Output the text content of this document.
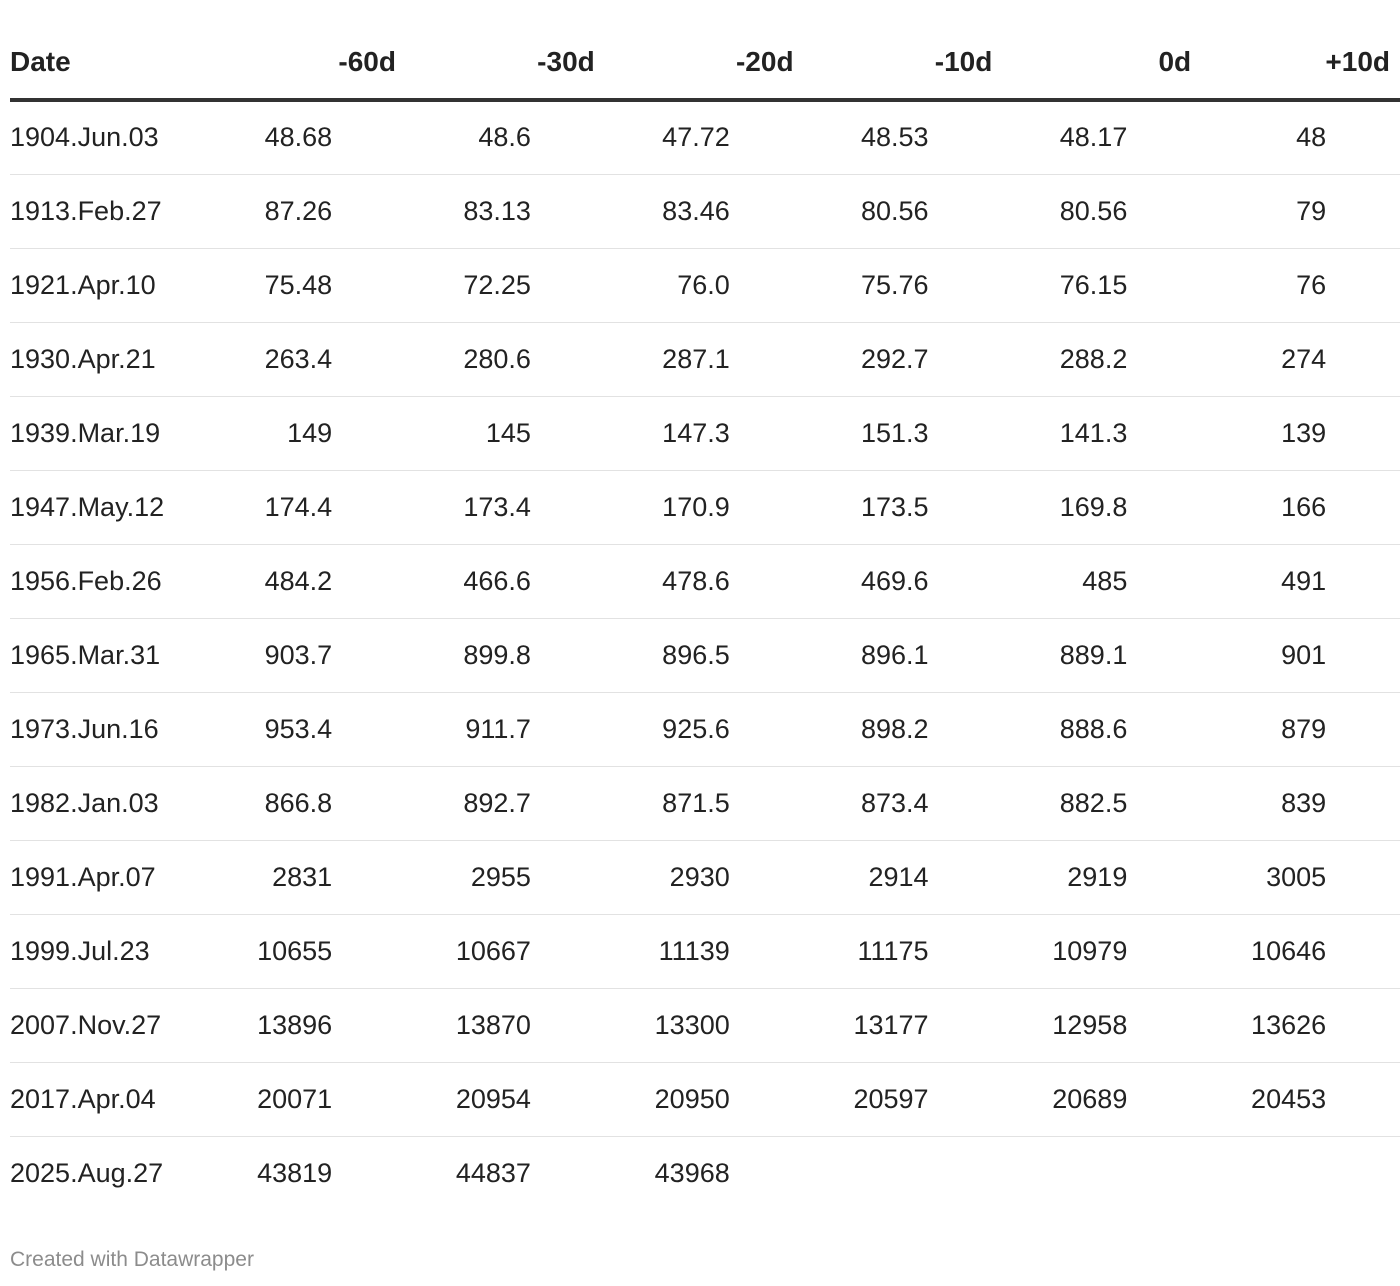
Date	-60d	-30d	-20d	-10d	0d	+10d
1904.Jun.03	48.68	48.6	47.72	48.53	48.17	48

1913.Feb.27	87.26	83.13	83.46	80.56	80.56	79

1921.Apr.10	75.48	72.25	76.0	75.76	76.15	76

1930.Apr.21	263.4	280.6	287.1	292.7	288.2	274

1939.Mar.19	149	145	147.3	151.3	141.3	139

1947.May.12	174.4	173.4	170.9	173.5	169.8	166

1956.Feb.26	484.2	466.6	478.6	469.6	485	491

1965.Mar.31	903.7	899.8	896.5	896.1	889.1	901

1973.Jun.16	953.4	911.7	925.6	898.2	888.6	879

1982.Jan.03	866.8	892.7	871.5	873.4	882.5	839

1991.Apr.07	2831	2955	2930	2914	2919	3005

1999.Jul.23	10655	10667	11139	11175	10979	10646

2007.Nov.27	13896	13870	13300	13177	12958	13626

2017.Apr.04	20071	20954	20950	20597	20689	20453

2025.Aug.27	43819	44837	43968			

Created with Datawrapper
